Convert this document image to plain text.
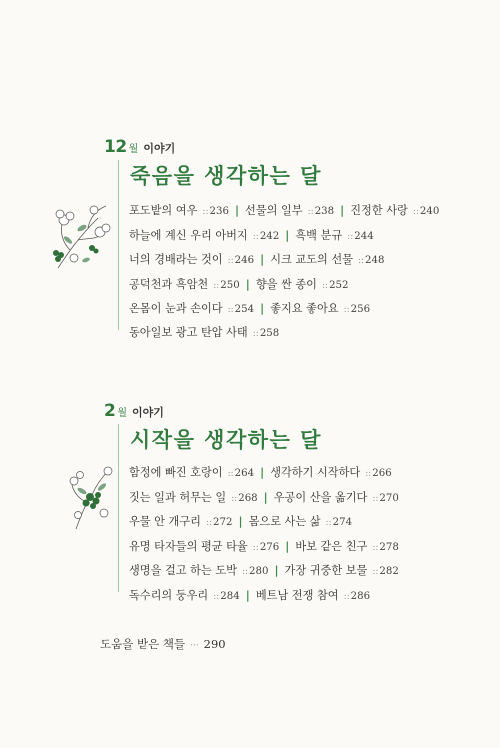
12 월 이야기
죽음을 생각하는 달
포도밭의 여우 ::236 | 선물의 일부 ::238 | 진정한 사랑 ::240
하늘에 계신 우리 아버지 ::242 | 흑백 분규 ::244
너의 경배라는 것이 ::246 | 시크 교도의 선물 ::248
공덕천과 흑암천 ::250 | 향을 싼 종이 ::252
온몸이 눈과 손이다 ::254 | 좋지요 좋아요 ::256
동아일보 광고 탄압 사태 ::258
2 월 이야기
시작을 생각하는 달
함정에 빠진 호랑이 ::264 | 생각하기 시작하다 ::266
짓는 일과 허무는 일 ::268 | 우공이 산을 옮기다 ::270
우물 안 개구리 ::272 | 몸으로 사는 삶 ::274
유명 타자들의 평균 타율 ::276 | 바보 같은 친구 ::278
생명을 걸고 하는 도박 ::280 | 가장 귀중한 보물 ::282
독수리의 둥우리 ::284 | 베트남 전쟁 참여 ::286
도움을 받은 책들 ··· 290
